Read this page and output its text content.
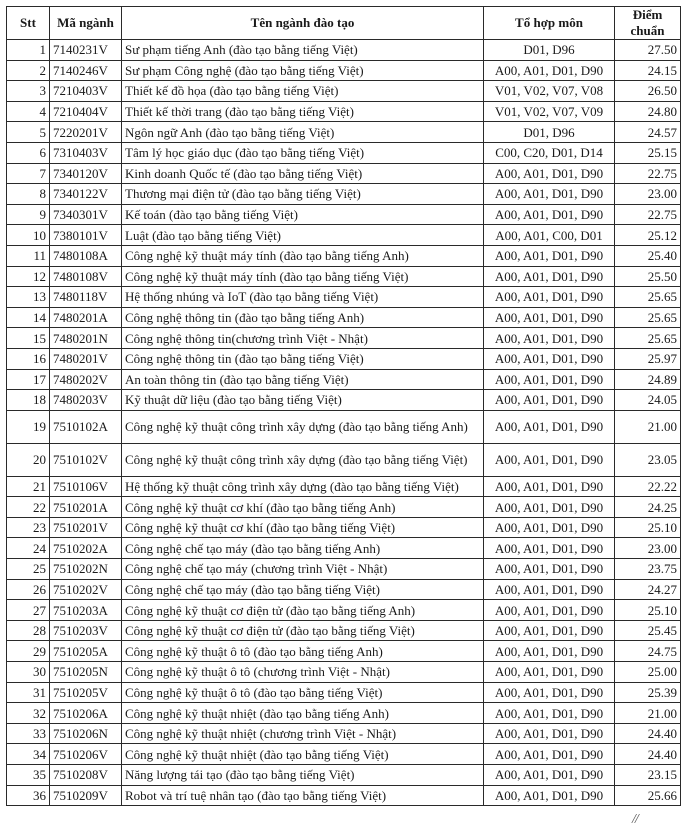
Stt	Mã ngành	Tên ngành đào tạo	Tổ hợp môn	Điểm chuẩn
1	7140231V	Sư phạm tiếng Anh (đào tạo bằng tiếng Việt)	D01, D96	27.50
2	7140246V	Sư phạm Công nghệ (đào tạo bằng tiếng Việt)	A00, A01, D01, D90	24.15
3	7210403V	Thiết kế đồ họa (đào tạo bằng tiếng Việt)	V01, V02, V07, V08	26.50
4	7210404V	Thiết kế thời trang (đào tạo bằng tiếng Việt)	V01, V02, V07, V09	24.80
5	7220201V	Ngôn ngữ Anh (đào tạo bằng tiếng Việt)	D01, D96	24.57
6	7310403V	Tâm lý học giáo dục (đào tạo bằng tiếng Việt)	C00, C20, D01, D14	25.15
7	7340120V	Kinh doanh Quốc tế (đào tạo bằng tiếng Việt)	A00, A01, D01, D90	22.75
8	7340122V	Thương mại điện tử (đào tạo bằng tiếng Việt)	A00, A01, D01, D90	23.00
9	7340301V	Kế toán (đào tạo bằng tiếng Việt)	A00, A01, D01, D90	22.75
10	7380101V	Luật (đào tạo bằng tiếng Việt)	A00, A01, C00, D01	25.12
11	7480108A	Công nghệ kỹ thuật máy tính (đào tạo bằng tiếng Anh)	A00, A01, D01, D90	25.40
12	7480108V	Công nghệ kỹ thuật máy tính (đào tạo bằng tiếng Việt)	A00, A01, D01, D90	25.50
13	7480118V	Hệ thống nhúng và IoT (đào tạo bằng tiếng Việt)	A00, A01, D01, D90	25.65
14	7480201A	Công nghệ thông tin (đào tạo bằng tiếng Anh)	A00, A01, D01, D90	25.65
15	7480201N	Công nghệ thông tin(chương trình Việt - Nhật)	A00, A01, D01, D90	25.65
16	7480201V	Công nghệ thông tin (đào tạo bằng tiếng Việt)	A00, A01, D01, D90	25.97
17	7480202V	An toàn thông tin (đào tạo bằng tiếng Việt)	A00, A01, D01, D90	24.89
18	7480203V	Kỹ thuật dữ liệu (đào tạo bằng tiếng Việt)	A00, A01, D01, D90	24.05
19	7510102A	Công nghệ kỹ thuật công trình xây dựng (đào tạo bằng tiếng Anh)	A00, A01, D01, D90	21.00
20	7510102V	Công nghệ kỹ thuật công trình xây dựng (đào tạo bằng tiếng Việt)	A00, A01, D01, D90	23.05
21	7510106V	Hệ thống kỹ thuật công trình xây dựng (đào tạo bằng tiếng Việt)	A00, A01, D01, D90	22.22
22	7510201A	Công nghệ kỹ thuật cơ khí (đào tạo bằng tiếng Anh)	A00, A01, D01, D90	24.25
23	7510201V	Công nghệ kỹ thuật cơ khí (đào tạo bằng tiếng Việt)	A00, A01, D01, D90	25.10
24	7510202A	Công nghệ chế tạo máy (đào tạo bằng tiếng Anh)	A00, A01, D01, D90	23.00
25	7510202N	Công nghệ chế tạo máy (chương trình Việt - Nhật)	A00, A01, D01, D90	23.75
26	7510202V	Công nghệ chế tạo máy (đào tạo bằng tiếng Việt)	A00, A01, D01, D90	24.27
27	7510203A	Công nghệ kỹ thuật cơ điện tử (đào tạo bằng tiếng Anh)	A00, A01, D01, D90	25.10
28	7510203V	Công nghệ kỹ thuật cơ điện tử (đào tạo bằng tiếng Việt)	A00, A01, D01, D90	25.45
29	7510205A	Công nghệ kỹ thuật ô tô (đào tạo bằng tiếng Anh)	A00, A01, D01, D90	24.75
30	7510205N	Công nghệ kỹ thuật ô tô (chương trình Việt - Nhật)	A00, A01, D01, D90	25.00
31	7510205V	Công nghệ kỹ thuật ô tô (đào tạo bằng tiếng Việt)	A00, A01, D01, D90	25.39
32	7510206A	Công nghệ kỹ thuật nhiệt (đào tạo bằng tiếng Anh)	A00, A01, D01, D90	21.00
33	7510206N	Công nghệ kỹ thuật nhiệt (chương trình Việt - Nhật)	A00, A01, D01, D90	24.40
34	7510206V	Công nghệ kỹ thuật nhiệt (đào tạo bằng tiếng Việt)	A00, A01, D01, D90	24.40
35	7510208V	Năng lượng tái tạo (đào tạo bằng tiếng Việt)	A00, A01, D01, D90	23.15
36	7510209V	Robot và trí tuệ nhân tạo (đào tạo bằng tiếng Việt)	A00, A01, D01, D90	25.66
//
